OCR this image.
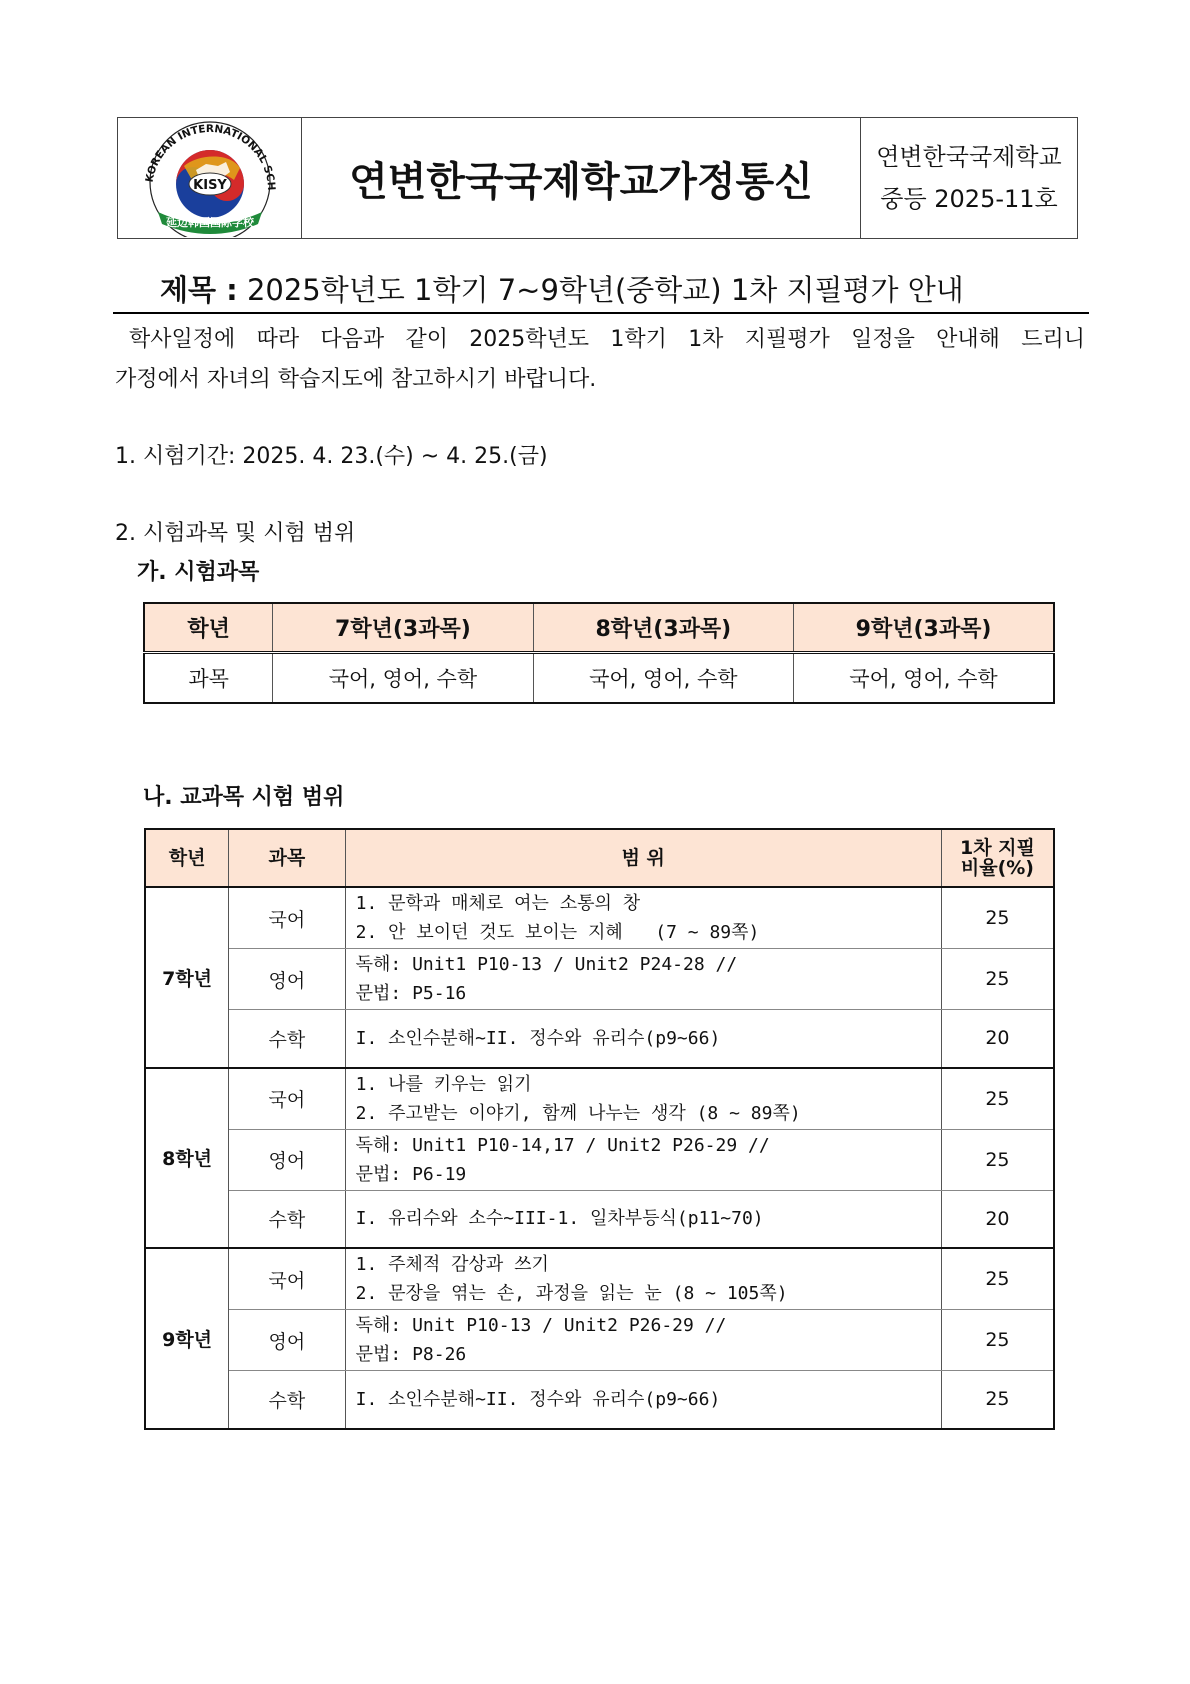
KOREAN INTERNATIONAL SCH
KISY
延边韩国国际学校
연변한국국제학교가정통신
연변한국국제학교
중등 2025-11호
제목 : 2025학년도 1학기 7~9학년(중학교) 1차 지필평가 안내
학사일정에 따라 다음과 같이 2025학년도 1학기 1차 지필평가 일정을 안내해 드리니
가정에서 자녀의 학습지도에 참고하시기 바랍니다.
1. 시험기간: 2025. 4. 23.(수) ~ 4. 25.(금)
2. 시험과목 및 시험 범위
가. 시험과목
학년	7학년(3과목)	8학년(3과목)	9학년(3과목)
과목	국어, 영어, 수학	국어, 영어, 수학	국어, 영어, 수학
나. 교과목 시험 범위
학년	과목	범 위	1차 지필
비율(%)

7학년	국어	1. 문학과 매체로 여는 소통의 창
2. 안 보이던 것도 보이는 지혜   (7 ~ 89쪽)	25
	영어	독해: Unit1 P10-13 / Unit2 P24-28 //
문법: P5-16	25
	수학	I. 소인수분해~II. 정수와 유리수(p9~66)	20
8학년	국어	1. 나를 키우는 읽기
2. 주고받는 이야기, 함께 나누는 생각 (8 ~ 89쪽)	25
	영어	독해: Unit1 P10-14,17 / Unit2 P26-29 //
문법: P6-19	25
	수학	I. 유리수와 소수~III-1. 일차부등식(p11~70)	20
9학년	국어	1. 주체적 감상과 쓰기
2. 문장을 엮는 손, 과정을 읽는 눈 (8 ~ 105쪽)	25
	영어	독해: Unit P10-13 / Unit2 P26-29 //
문법: P8-26	25
	수학	I. 소인수분해~II. 정수와 유리수(p9~66)	25
